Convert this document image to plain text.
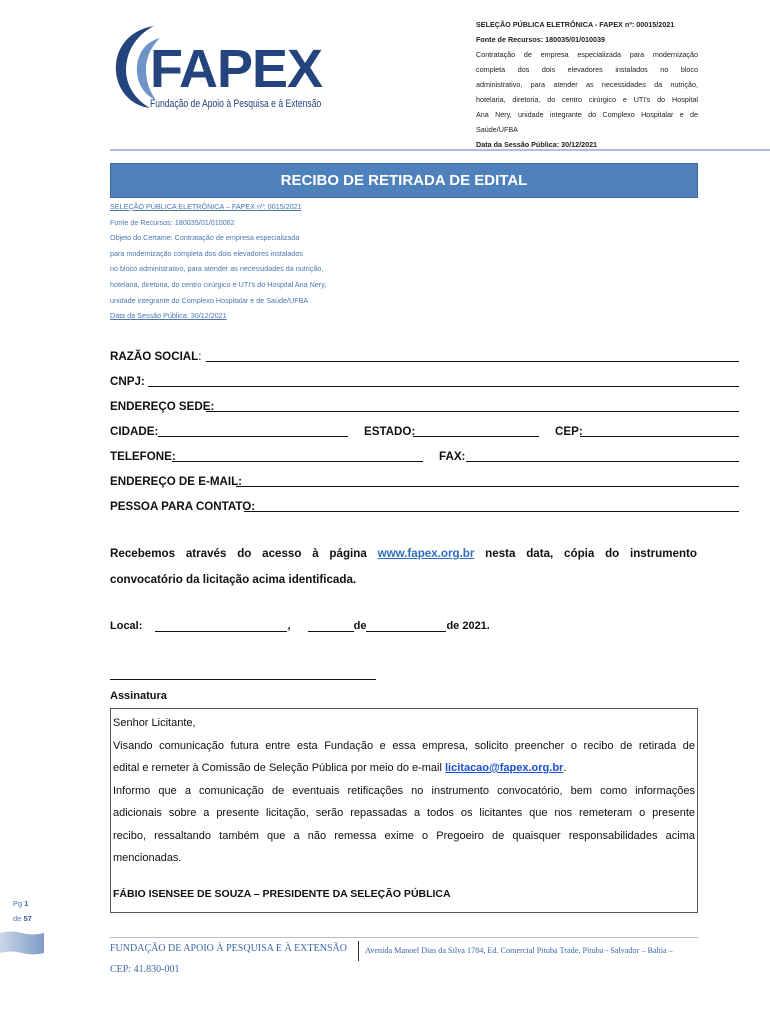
FAPEX
Fundação de Apoio à Pesquisa e à Extensão
SELEÇÃO PÚBLICA ELETRÔNICA - FAPEX nº: 00015/2021
Fonte de Recursos: 180035/01/010039
Contratação de empresa especializada para modernização
completa dos dois elevadores instalados no bloco
administrativo, para atender as necessidades da nutrição,
hotelaria, diretoria, do centro cirúrgico e UTI’s do Hospital
Ana Nery, unidade integrante do Complexo Hospitalar e de
Saúde/UFBA
Data da Sessão Pública: 30/12/2021
RECIBO DE RETIRADA DE EDITAL
SELEÇÃO PÚBLICA ELETRÔNICA – FAPEX nº: 0015/2021
Fonte de Recursos: 180035/01/010062
Objeto do Certame: Contratação de empresa especializada
para modernização completa dos dois elevadores instalados
no bloco administrativo, para atender as necessidades da nutrição,
hotelaria, diretoria, do centro cirúrgico e UTI’s do Hospital Ana Nery,
unidade integrante do Complexo Hospitalar e de Saúde/UFBA
Data da Sessão Pública: 30/12/2021
RAZÃO SOCIAL:
CNPJ:
ENDEREÇO SEDE:
CIDADE:	ESTADO:	CEP:
TELEFONE:	FAX:
ENDEREÇO DE E-MAIL:
PESSOA PARA CONTATO:
Recebemos através do acesso à página www.fapex.org.br nesta data, cópia do instrumento
convocatório da licitação acima identificada.
Local:	,	de	de 2021.
Assinatura

Senhor Licitante,

Visando comunicação futura entre esta Fundação e essa empresa, solicito preencher o recibo de retirada de

edital e remeter à Comissão de Seleção Pública por meio do e-mail licitacao@fapex.org.br.

Informo que a comunicação de eventuais retificações no instrumento convocatório, bem como informações

adicionais sobre a presente licitação, serão repassadas a todos os licitantes que nos remeteram o presente

recibo, ressaltando também que a não remessa exime o Pregoeiro de quaisquer responsabilidades acima

mencionadas.

FÁBIO ISENSEE DE SOUZA – PRESIDENTE DA SELEÇÃO PÚBLICA

Pg 1
de 57
FUNDAÇÃO DE APOIO À PESQUISA E À EXTENSÃO
CEP: 41.830-001
Avenida Manoel Dias da Silva 1784, Ed. Comercial Pituba Trade, Pituba - Salvador – Bahia –
